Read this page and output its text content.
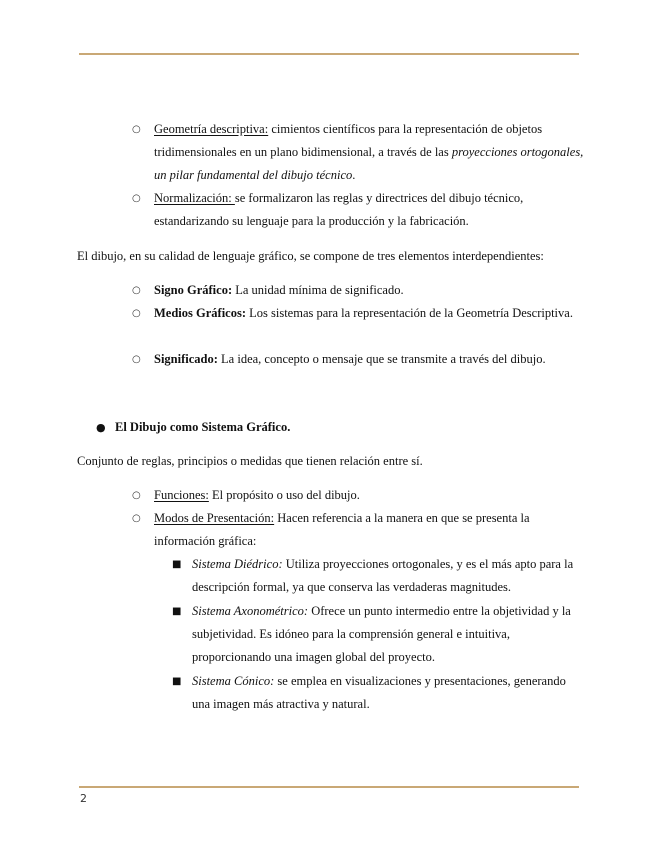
○ Geometría descriptiva: cimientos científicos para la representación de objetos tridimensionales en un plano bidimensional, a través de las proyecciones ortogonales, un pilar fundamental del dibujo técnico.
○ Normalización: se formalizaron las reglas y directrices del dibujo técnico, estandarizando su lenguaje para la producción y la fabricación.
El dibujo, en su calidad de lenguaje gráfico, se compone de tres elementos interdependientes:
○ Signo Gráfico: La unidad mínima de significado.
○ Medios Gráficos: Los sistemas para la representación de la Geometría Descriptiva.
○ Significado: La idea, concepto o mensaje que se transmite a través del dibujo.
● El Dibujo como Sistema Gráfico.
Conjunto de reglas, principios o medidas que tienen relación entre sí.
○ Funciones: El propósito o uso del dibujo.
○ Modos de Presentación: Hacen referencia a la manera en que se presenta la información gráfica:
■ Sistema Diédrico: Utiliza proyecciones ortogonales, y es el más apto para la descripción formal, ya que conserva las verdaderas magnitudes.
■ Sistema Axonométrico: Ofrece un punto intermedio entre la objetividad y la subjetividad. Es idóneo para la comprensión general e intuitiva, proporcionando una imagen global del proyecto.
■ Sistema Cónico: se emplea en visualizaciones y presentaciones, generando una imagen más atractiva y natural.
2
